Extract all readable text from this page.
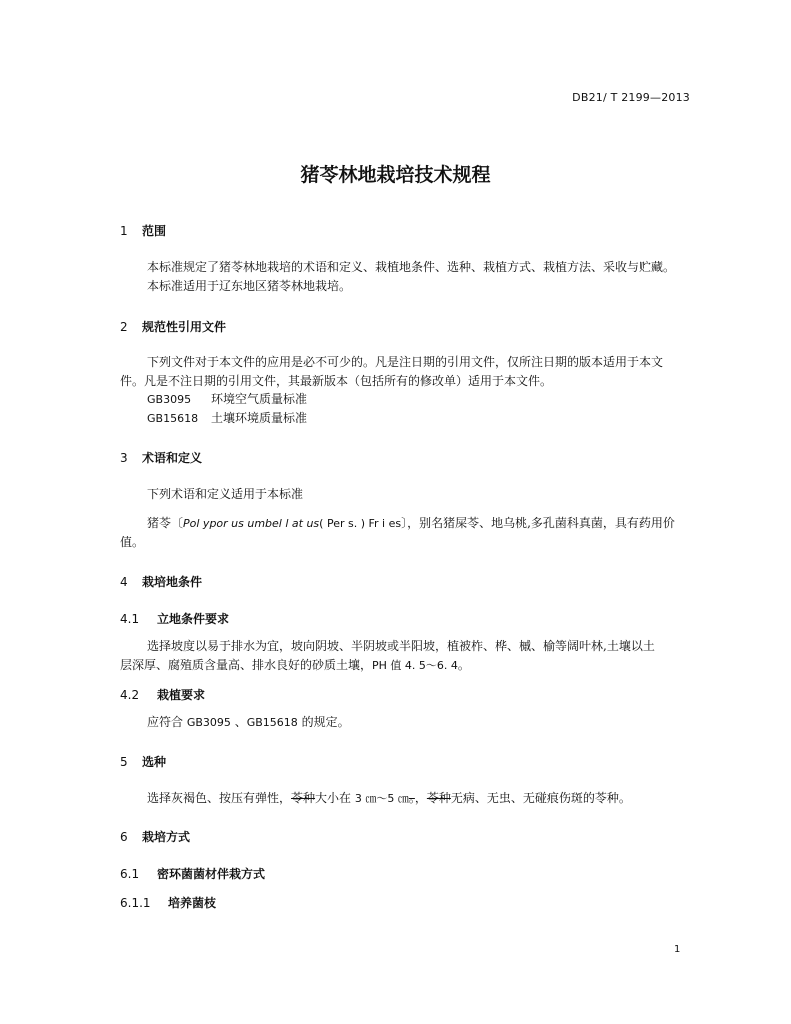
DB21/ T 2199—2013
猪苓林地栽培技术规程
1 范围
本标准规定了猪苓林地栽培的术语和定义、栽植地条件、选种、栽植方式、栽植方法、采收与贮藏。
本标准适用于辽东地区猪苓林地栽培。
2 规范性引用文件
下列文件对于本文件的应用是必不可少的。凡是注日期的引用文件，仅所注日期的版本适用于本文
件。凡是不注日期的引用文件，其最新版本（包括所有的修改单）适用于本文件。
GB3095 环境空气质量标准
GB15618 土壤环境质量标准
3 术语和定义
下列术语和定义适用于本标准
猪苓〔Pol ypor us umbel l at us( Per s. ) Fr i es〕，别名猪屎苓、地乌桃,多孔菌科真菌，具有药用价
值。
4 栽培地条件
4.1 立地条件要求
选择坡度以易于排水为宜，坡向阴坡、半阴坡或半阳坡，植被柞、桦、槭、榆等阔叶林,土壤以土
层深厚、腐殖质含量高、排水良好的砂质土壤，PH 值 4. 5～6. 4。
4.2 栽植要求
应符合 GB3095 、GB15618 的规定。
5 选种
选择灰褐色、按压有弹性，苓种大小在 3 ㎝～5 ㎝。，苓种无病、无虫、无碰痕伤斑的苓种。
6 栽培方式
6.1 密环菌菌材伴栽方式
6.1.1 培养菌枝
1
